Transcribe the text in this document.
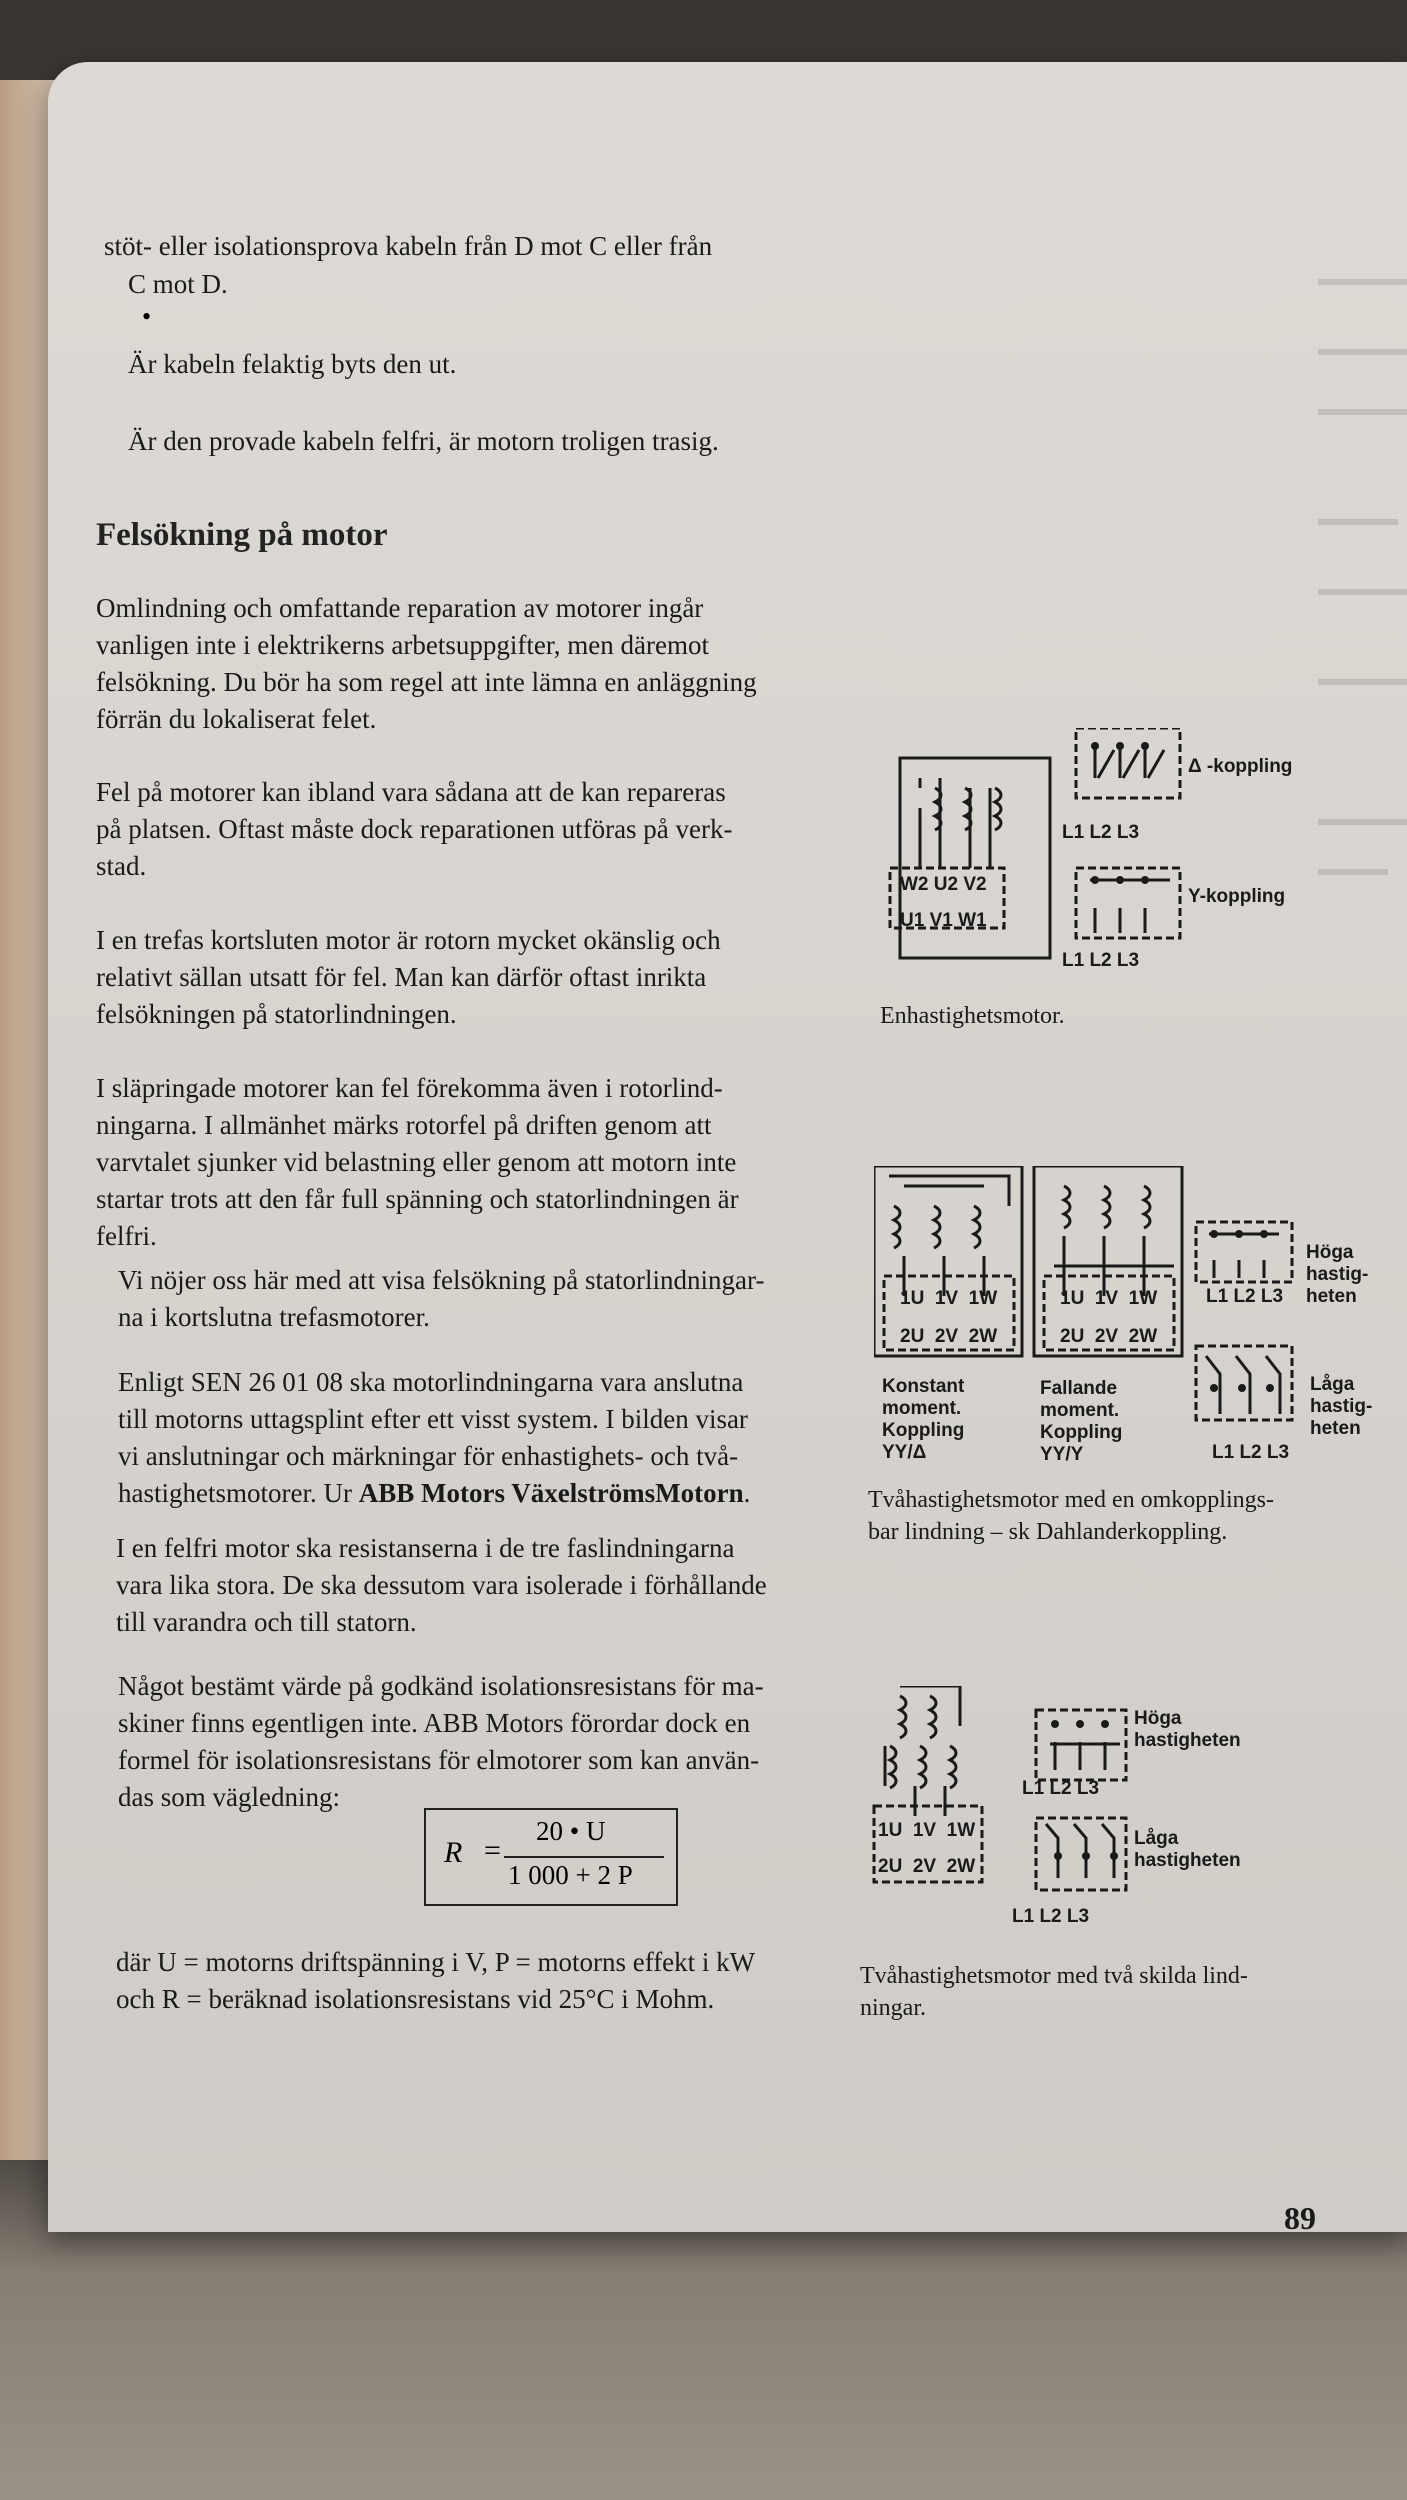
•
stöt- eller isolationsprova kabeln från D mot C eller från
C mot D.
Är kabeln felaktig byts den ut.
Är den provade kabeln felfri, är motorn troligen trasig.
Felsökning på motor
Omlindning och omfattande reparation av motorer ingår
vanligen inte i elektrikerns arbetsuppgifter, men däremot
felsökning. Du bör ha som regel att inte lämna en anläggning
förrän du lokaliserat felet.
Fel på motorer kan ibland vara sådana att de kan repareras
på platsen. Oftast måste dock reparationen utföras på verk-
stad.
I en trefas kortsluten motor är rotorn mycket okänslig och
relativt sällan utsatt för fel. Man kan därför oftast inrikta
felsökningen på statorlindningen.
I släpringade motorer kan fel förekomma även i rotorlind-
ningarna. I allmänhet märks rotorfel på driften genom att
varvtalet sjunker vid belastning eller genom att motorn inte
startar trots att den får full spänning och statorlindningen är
felfri.
Vi nöjer oss här med att visa felsökning på statorlindningar-
na i kortslutna trefasmotorer.
Enligt SEN 26 01 08 ska motorlindningarna vara anslutna
till motorns uttagsplint efter ett visst system. I bilden visar
vi anslutningar och märkningar för enhastighets- och två-
hastighetsmotorer. Ur ABB Motors VäxelströmsMotorn.
I en felfri motor ska resistanserna i de tre faslindningarna
vara lika stora. De ska dessutom vara isolerade i förhållande
till varandra och till statorn.
Något bestämt värde på godkänd isolationsresistans för ma-
skiner finns egentligen inte. ABB Motors förordar dock en
formel för isolationsresistans för elmotorer som kan använ-
das som vägledning:
R =
20 • U
1 000 + 2 P
där U = motorns driftspänning i V, P = motorns effekt i kW
och R = beräknad isolationsresistans vid 25°C i Mohm.
W2 U2 V2
U1 V1 W1
L1 L2 L3
L1 L2 L3
Δ -koppling
Y-koppling
Enhastighetsmotor.
1U 1V 1W
2U 2V 2W
1U 1V 1W
2U 2V 2W
L1 L2 L3
L1 L2 L3
Höga
hastig-
heten
Låga
hastig-
heten
Konstant
moment.
Koppling
YY/Δ
Fallande
moment.
Koppling
YY/Y
Tvåhastighetsmotor med en omkopplings-
bar lindning – sk Dahlanderkoppling.
1U 1V 1W
2U 2V 2W
L1 L2 L3
L1 L2 L3
Höga
hastigheten
Låga
hastigheten
Tvåhastighetsmotor med två skilda lind-
ningar.
89
